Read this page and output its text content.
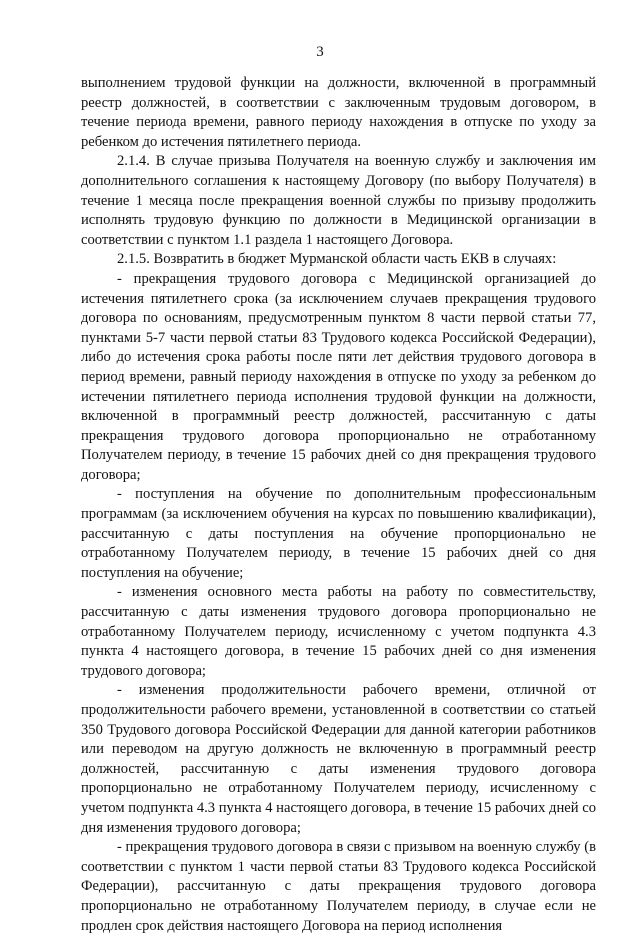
3

выполнением трудовой функции на должности, включенной в программный реестр должностей, в соответствии с заключенным трудовым договором, в течение периода времени, равного периоду нахождения в отпуске по уходу за ребенком до истечения пятилетнего периода.

2.1.4. В случае призыва Получателя на военную службу и заключения им дополнительного соглашения к настоящему Договору (по выбору Получателя) в течение 1 месяца после прекращения военной службы по призыву продолжить исполнять трудовую функцию по должности в Медицинской организации в соответствии с пунктом 1.1 раздела 1 настоящего Договора.

2.1.5. Возвратить в бюджет Мурманской области часть ЕКВ в случаях:

- прекращения трудового договора с Медицинской организацией до истечения пятилетнего срока (за исключением случаев прекращения трудового договора по основаниям, предусмотренным пунктом 8 части первой статьи 77, пунктами 5-7 части первой статьи 83 Трудового кодекса Российской Федерации), либо до истечения срока работы после пяти лет действия трудового договора в период времени, равный периоду нахождения в отпуске по уходу за ребенком до истечении пятилетнего периода исполнения трудовой функции на должности, включенной в программный реестр должностей, рассчитанную с даты прекращения трудового договора пропорционально не отработанному Получателем периоду, в течение 15 рабочих дней со дня прекращения трудового договора;

- поступления на обучение по дополнительным профессиональным программам (за исключением обучения на курсах по повышению квалификации), рассчитанную с даты поступления на обучение пропорционально не отработанному Получателем периоду, в течение 15 рабочих дней со дня поступления на обучение;

- изменения основного места работы на работу по совместительству, рассчитанную с даты изменения трудового договора пропорционально не отработанному Получателем периоду, исчисленному с учетом подпункта 4.3 пункта 4 настоящего договора, в течение 15 рабочих дней со дня изменения трудового договора;

- изменения продолжительности рабочего времени, отличной от продолжительности рабочего времени, установленной в соответствии со статьей 350 Трудового договора Российской Федерации для данной категории работников или переводом на другую должность не включенную в программный реестр должностей, рассчитанную с даты изменения трудового договора пропорционально не отработанному Получателем периоду, исчисленному с учетом подпункта 4.3 пункта 4 настоящего договора, в течение 15 рабочих дней со дня изменения трудового договора;

- прекращения трудового договора в связи с призывом на военную службу (в соответствии с пунктом 1 части первой статьи 83 Трудового кодекса Российской Федерации), рассчитанную с даты прекращения трудового договора пропорционально не отработанному Получателем периоду, в случае если не продлен срок действия настоящего Договора на период исполнения
